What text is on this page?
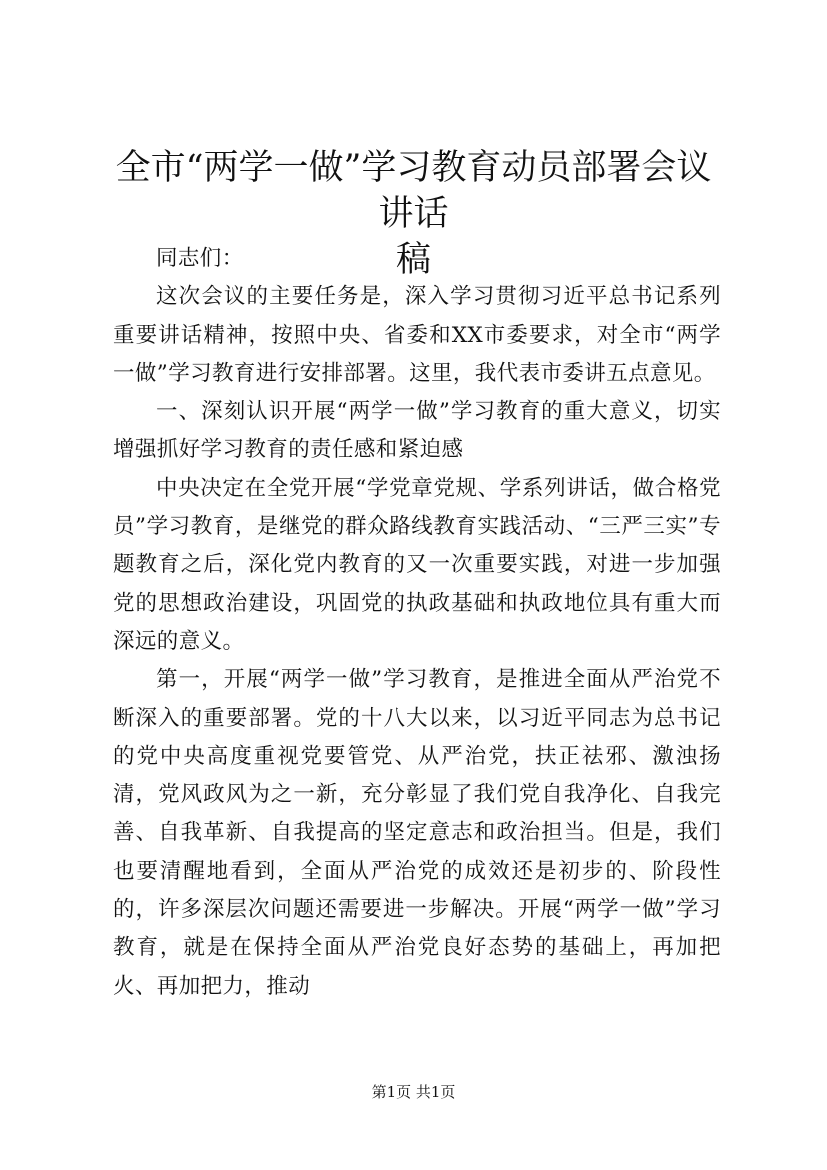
全市“两学一做”学习教育动员部署会议讲话
稿

同志们：

这次会议的主要任务是，深入学习贯彻习近平总书记系列重要讲话精神，按照中央、省委和XX市委要求，对全市“两学一做”学习教育进行安排部署。这里，我代表市委讲五点意见。

一、深刻认识开展“两学一做”学习教育的重大意义，切实增强抓好学习教育的责任感和紧迫感

中央决定在全党开展“学党章党规、学系列讲话，做合格党员”学习教育，是继党的群众路线教育实践活动、“三严三实”专题教育之后，深化党内教育的又一次重要实践，对进一步加强党的思想政治建设，巩固党的执政基础和执政地位具有重大而深远的意义。

第一，开展“两学一做”学习教育，是推进全面从严治党不断深入的重要部署。党的十八大以来，以习近平同志为总书记的党中央高度重视党要管党、从严治党，扶正祛邪、激浊扬清，党风政风为之一新，充分彰显了我们党自我净化、自我完善、自我革新、自我提高的坚定意志和政治担当。但是，我们也要清醒地看到，全面从严治党的成效还是初步的、阶段性的，许多深层次问题还需要进一步解决。开展“两学一做”学习教育，就是在保持全面从严治党良好态势的基础上，再加把火、再加把力，推动

第1页 共1页
